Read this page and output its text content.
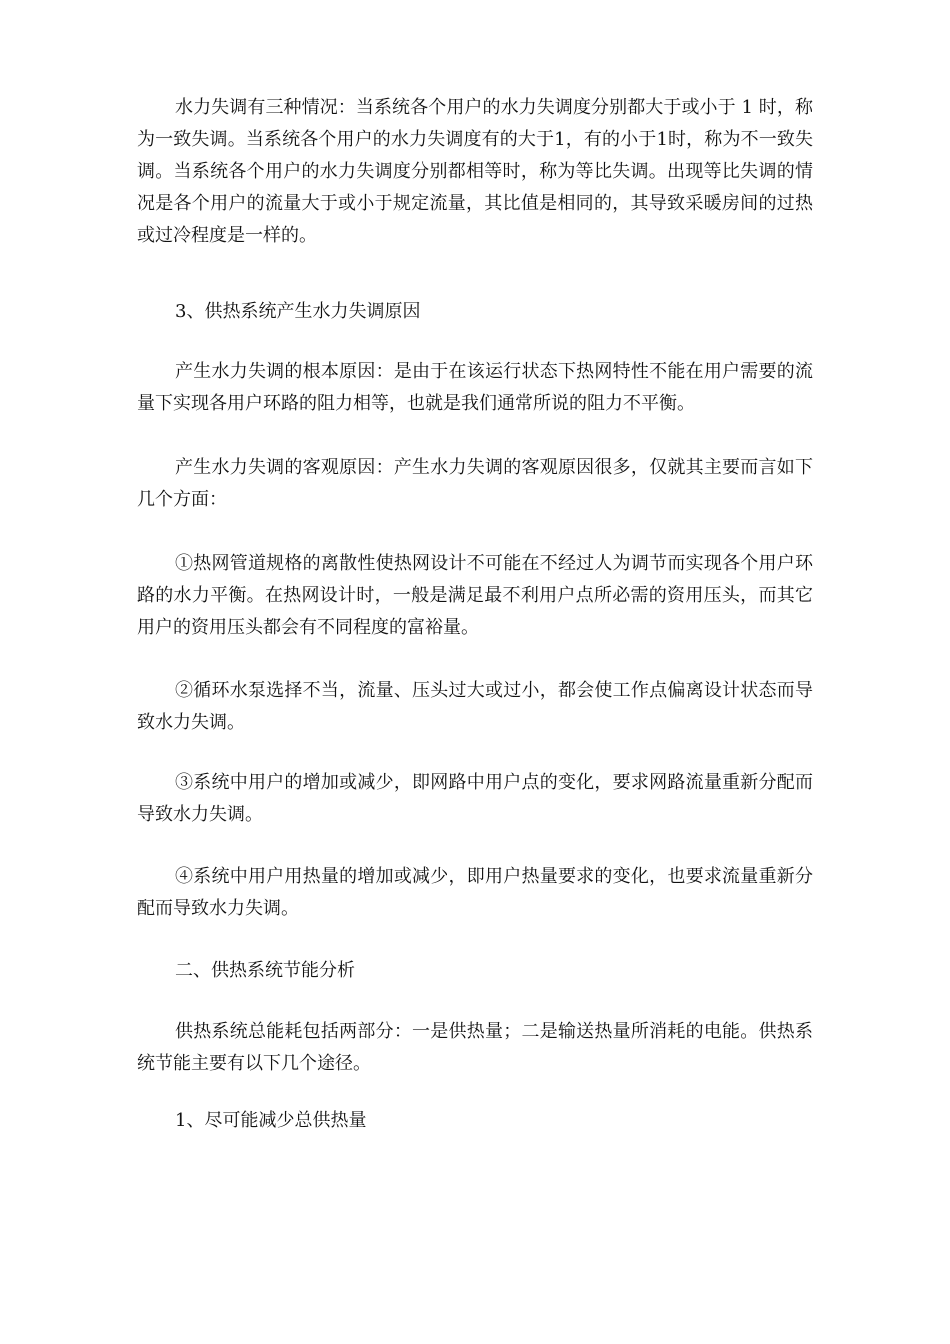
水力失调有三种情况：当系统各个用户的水力失调度分别都大于或小于 1 时，称为一致失调。当系统各个用户的水力失调度有的大于1，有的小于1时，称为不一致失调。当系统各个用户的水力失调度分别都相等时，称为等比失调。出现等比失调的情况是各个用户的流量大于或小于规定流量，其比值是相同的，其导致采暖房间的过热或过冷程度是一样的。

3、供热系统产生水力失调原因

产生水力失调的根本原因：是由于在该运行状态下热网特性不能在用户需要的流量下实现各用户环路的阻力相等，也就是我们通常所说的阻力不平衡。

产生水力失调的客观原因：产生水力失调的客观原因很多，仅就其主要而言如下几个方面：

①热网管道规格的离散性使热网设计不可能在不经过人为调节而实现各个用户环路的水力平衡。在热网设计时，一般是满足最不利用户点所必需的资用压头，而其它用户的资用压头都会有不同程度的富裕量。

②循环水泵选择不当，流量、压头过大或过小，都会使工作点偏离设计状态而导致水力失调。

③系统中用户的增加或减少，即网路中用户点的变化，要求网路流量重新分配而导致水力失调。

④系统中用户用热量的增加或减少，即用户热量要求的变化，也要求流量重新分配而导致水力失调。

二、供热系统节能分析

供热系统总能耗包括两部分：一是供热量；二是输送热量所消耗的电能。供热系统节能主要有以下几个途径。

1、尽可能减少总供热量
